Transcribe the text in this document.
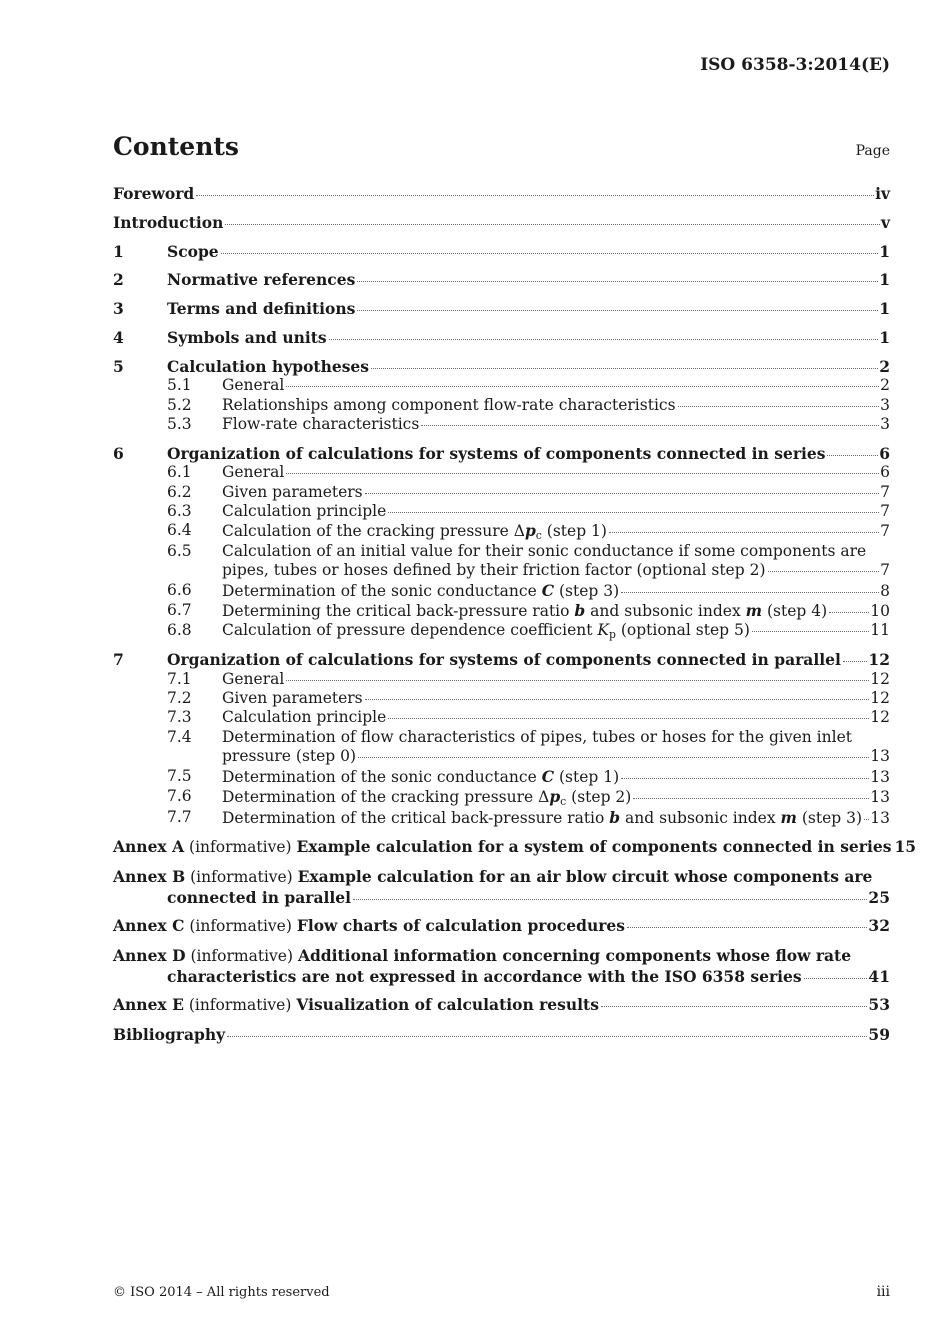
ISO 6358-3:2014(E)
Contents	Page
Foreword	iv
Introduction	v
1	Scope	1
2	Normative references	1
3	Terms and definitions	1
4	Symbols and units	1
5	Calculation hypotheses	2
5.1 General	2
5.2 Relationships among component flow-rate characteristics	3
5.3 Flow-rate characteristics	3
6	Organization of calculations for systems of components connected in series	6
6.1 General	6
6.2 Given parameters	7
6.3 Calculation principle	7
6.4 Calculation of the cracking pressure $\Delta p_c$ (step 1)	7
6.5 Calculation of an initial value for their sonic conductance if some components are
pipes, tubes or hoses defined by their friction factor (optional step 2)	7
6.6 Determination of the sonic conductance C (step 3)	8
6.7 Determining the critical back-pressure ratio b and subsonic index m (step 4)	10
6.8 Calculation of pressure dependence coefficient $K_p$ (optional step 5)	11
7	Organization of calculations for systems of components connected in parallel 12
7.1 General	12
7.2 Given parameters	12
7.3 Calculation principle	12
7.4 Determination of flow characteristics of pipes, tubes or hoses for the given inlet
pressure (step 0)	13
7.5 Determination of the sonic conductance C (step 1)	13
7.6 Determination of the cracking pressure $\Delta p_c$ (step 2)	13
7.7 Determination of the critical back-pressure ratio b and subsonic index m (step 3) 13
Annex A (informative) Example calculation for a system of components connected in series 15
Annex B (informative) Example calculation for an air blow circuit whose components are
connected in parallel	25
Annex C (informative) Flow charts of calculation procedures	32
Annex D (informative) Additional information concerning components whose flow rate
characteristics are not expressed in accordance with the ISO 6358 series	41
Annex E (informative) Visualization of calculation results	53
Bibliography	59
© ISO 2014 – All rights reserved	iii
